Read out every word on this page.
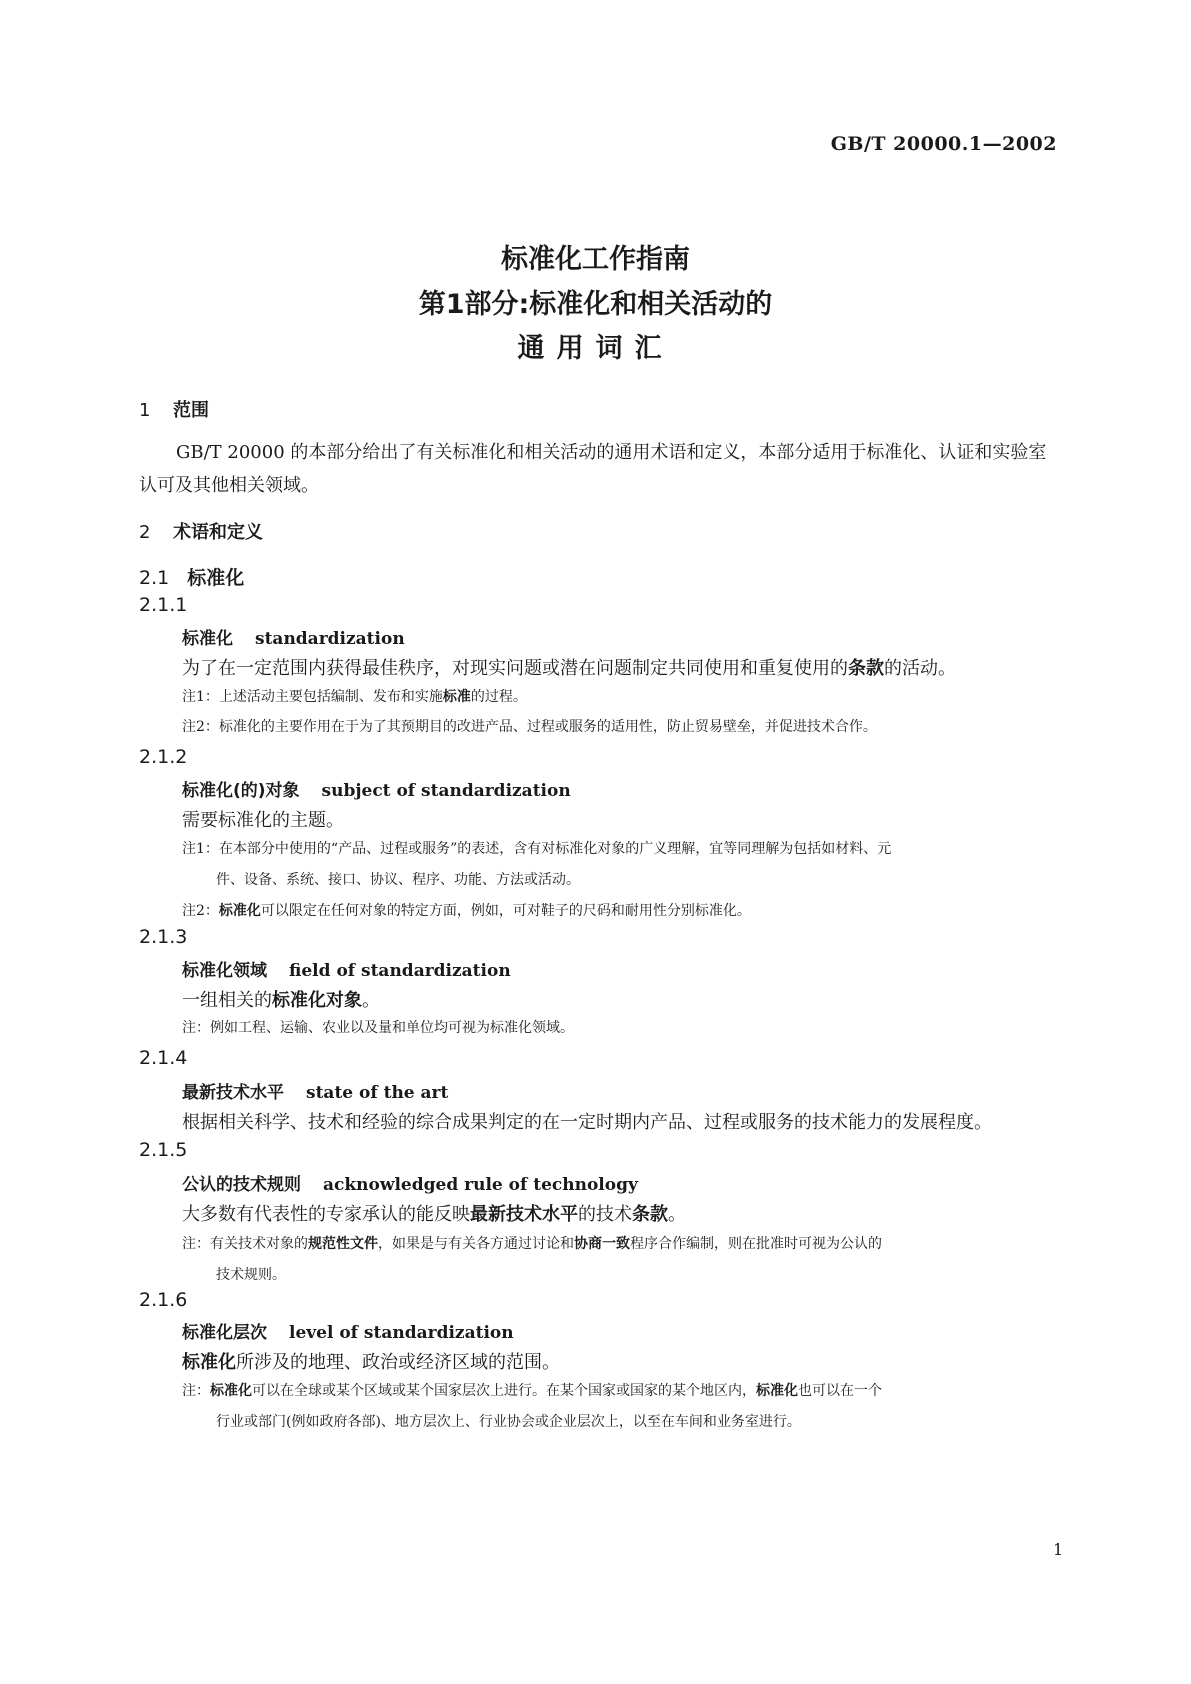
GB/T 20000.1—2002
标准化工作指南
第1部分:标准化和相关活动的
通用词汇
1 范围
GB/T 20000 的本部分给出了有关标准化和相关活动的通用术语和定义，本部分适用于标准化、认证和实验室认可及其他相关领域。
2 术语和定义
2.1 标准化
2.1.1
标准化 standardization
为了在一定范围内获得最佳秩序，对现实问题或潜在问题制定共同使用和重复使用的条款的活动。
注1：上述活动主要包括编制、发布和实施标准的过程。
注2：标准化的主要作用在于为了其预期目的改进产品、过程或服务的适用性，防止贸易壁垒，并促进技术合作。
2.1.2
标准化(的)对象 subject of standardization
需要标准化的主题。
注1：在本部分中使用的“产品、过程或服务”的表述，含有对标准化对象的广义理解，宜等同理解为包括如材料、元
件、设备、系统、接口、协议、程序、功能、方法或活动。
注2：标准化可以限定在任何对象的特定方面，例如，可对鞋子的尺码和耐用性分别标准化。
2.1.3
标准化领域 field of standardization
一组相关的标准化对象。
注：例如工程、运输、农业以及量和单位均可视为标准化领域。
2.1.4
最新技术水平 state of the art
根据相关科学、技术和经验的综合成果判定的在一定时期内产品、过程或服务的技术能力的发展程度。
2.1.5
公认的技术规则 acknowledged rule of technology
大多数有代表性的专家承认的能反映最新技术水平的技术条款。
注：有关技术对象的规范性文件，如果是与有关各方通过讨论和协商一致程序合作编制，则在批准时可视为公认的
技术规则。
2.1.6
标准化层次 level of standardization
标准化所涉及的地理、政治或经济区域的范围。
注：标准化可以在全球或某个区域或某个国家层次上进行。在某个国家或国家的某个地区内，标准化也可以在一个
行业或部门(例如政府各部)、地方层次上、行业协会或企业层次上，以至在车间和业务室进行。
1
